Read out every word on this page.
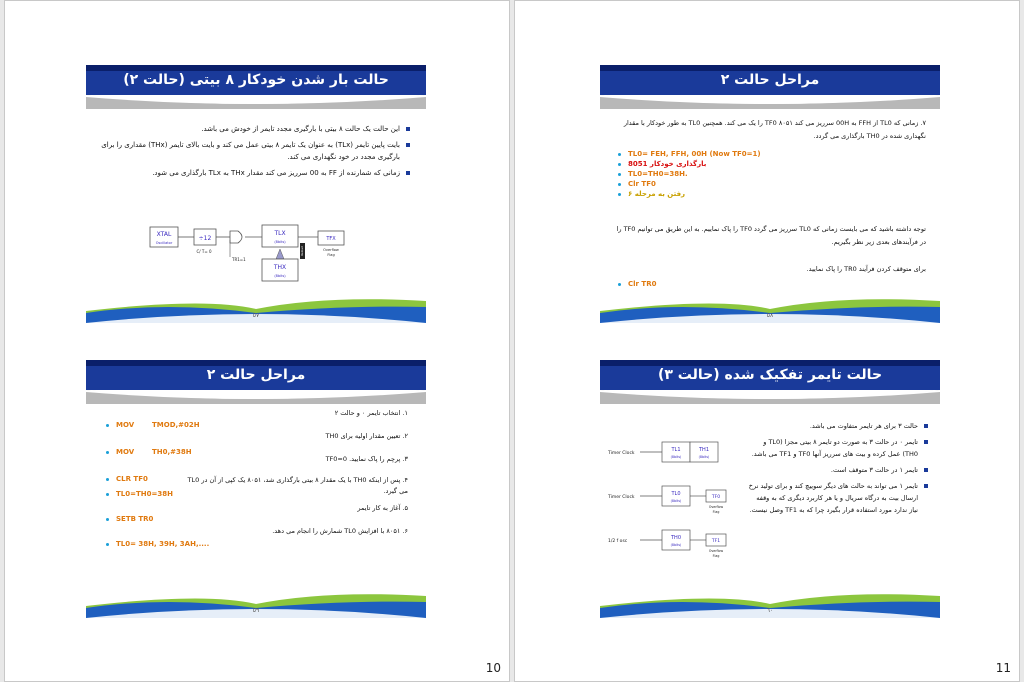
حالت بار شدن خودکار ۸ بیتی (حالت ۲)
این حالت یک حالت ۸ بیتی با بارگیری مجدد تایمر از خودش می باشد.
بایت پایین تایمر (TLx) به عنوان یک تایمر ۸ بیتی عمل می کند و بایت بالای تایمر (THx) مقداری را برای بارگیری مجدد در خود نگهداری می کند.
زمانی که شمارنده از FF به 00 سرریز می کند مقدار THx به TLx بارگذاری می شود.
XTAL
Oscillator
÷12
C/ T= 0
TR1=1
TLX
(8bits)	TFX
Overflow
Flag
Reload
THX
(8bits)
٥٧
مراحل حالت ۲
۱. انتخاب تایمر ۰ و حالت ۲
۲. تعیین مقدار اولیه برای TH0
۳. پرچم را پاک نمایید. TF0=0
۴. پس از اینکه TH0 با یک مقدار ۸ بیتی بارگذاری شد، ۸۰۵۱ یک کپی از آن در TL0 می گیرد.
۵. آغاز به کار تایمر
۶. ۸۰۵۱ با افزایش TL0 شمارش را انجام می دهد.
MOV	TMOD,#02H
MOV	TH0,#38H
CLR TF0
TL0=TH0=38H
SETB TR0
TL0= 38H, 39H, 3AH,....
٥٩
10
مراحل حالت ۲
۷. زمانی که TL0 از FFH به 00H سرریز می کند ۸۰۵۱ TF0 را یک می کند. همچنین TL0 به طور خودکار با مقدار نگهداری شده در TH0 بارگذاری می گردد.
TL0= FEH, FFH, 00H (Now TF0=1)
بارگذاری خودکار 8051
TL0=TH0=38H.
Clr TF0
رفتن به مرحله ۶
توجه داشته باشید که می بایست زمانی که TL0 سرریز می گردد TF0 را پاک نماییم. به این طریق می توانیم TF0 را در فرآیندهای بعدی زیر نظر بگیریم.
برای متوقف کردن فرآیند TR0 را پاک نمایید.
Clr TR0
٥٨
حالت تایمر تفکیک شده (حالت ۳)
حالت ۳ برای هر تایمر متفاوت می باشد.
تایمر ۰ در حالت ۳ به صورت دو تایمر ۸ بیتی مجزا (TL0 و TH0) عمل کرده و بیت های سرریز آنها TF0 و TF1 می باشد.
تایمر ۱ در حالت ۳ متوقف است.
تایمر ۱ می تواند به حالت های دیگر سوییچ کند و برای تولید نرخ ارسال بیت به درگاه سریال و یا هر کاربرد دیگری که به وقفه نیاز ندارد مورد استفاده قرار بگیرد چرا که به TF1 وصل نیست.
Timer Clock
TL1
(8bits)
TH1
(8bits)
Timer Clock
TL0
(8bits)
TF0
Overflow
Flag
1/2 f osc
TH0
(8bits)
TF1
Overflow
Flag
٦٠
11
